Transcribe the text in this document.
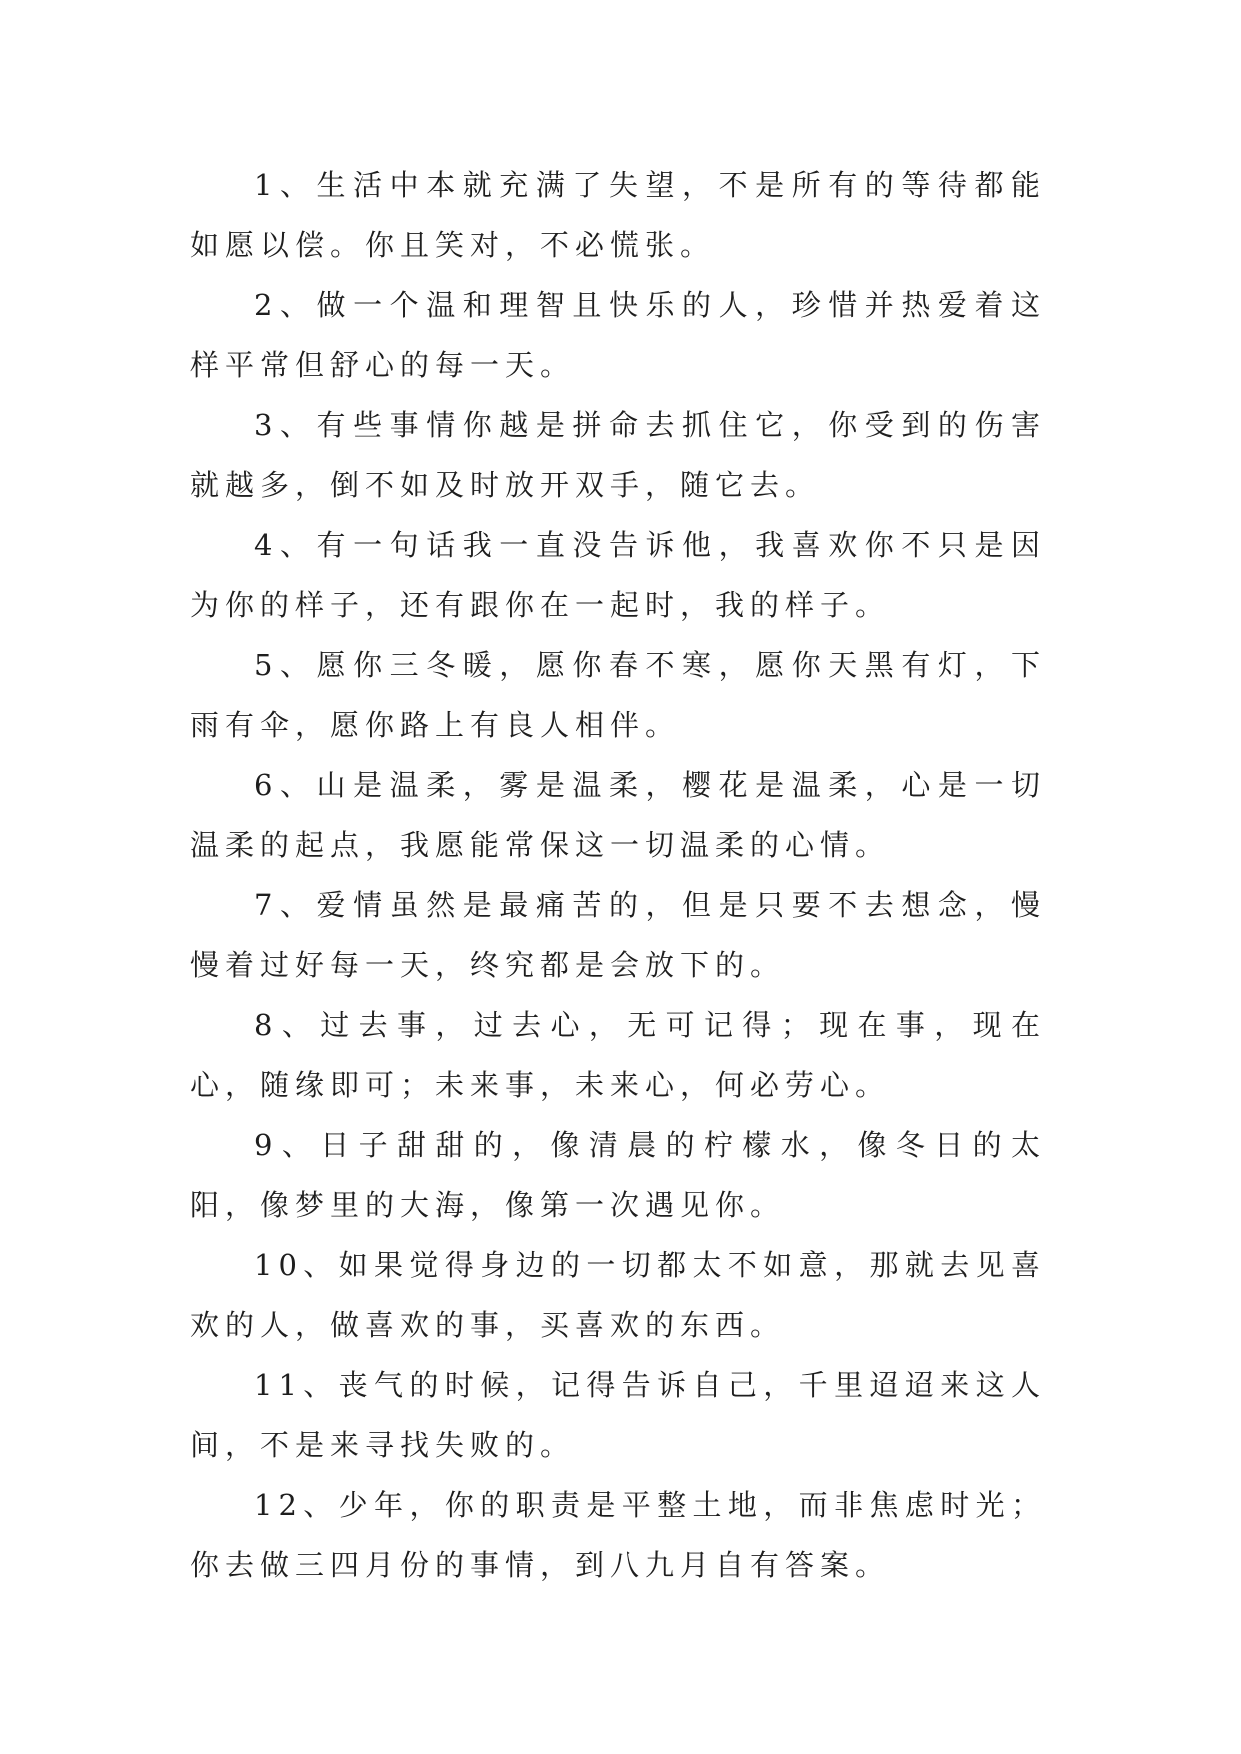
1、生活中本就充满了失望，不是所有的等待都能如愿以偿。你且笑对，不必慌张。

2、做一个温和理智且快乐的人，珍惜并热爱着这样平常但舒心的每一天。

3、有些事情你越是拼命去抓住它，你受到的伤害就越多，倒不如及时放开双手，随它去。

4、有一句话我一直没告诉他，我喜欢你不只是因为你的样子，还有跟你在一起时，我的样子。

5、愿你三冬暖，愿你春不寒，愿你天黑有灯，下雨有伞，愿你路上有良人相伴。

6、山是温柔，雾是温柔，樱花是温柔，心是一切温柔的起点，我愿能常保这一切温柔的心情。

7、爱情虽然是最痛苦的，但是只要不去想念，慢慢着过好每一天，终究都是会放下的。

8、过去事，过去心，无可记得；现在事，现在心，随缘即可；未来事，未来心，何必劳心。

9、日子甜甜的，像清晨的柠檬水，像冬日的太阳，像梦里的大海，像第一次遇见你。

10、如果觉得身边的一切都太不如意，那就去见喜欢的人，做喜欢的事，买喜欢的东西。

11、丧气的时候，记得告诉自己，千里迢迢来这人间，不是来寻找失败的。

12、少年，你的职责是平整土地，而非焦虑时光；你去做三四月份的事情，到八九月自有答案。
